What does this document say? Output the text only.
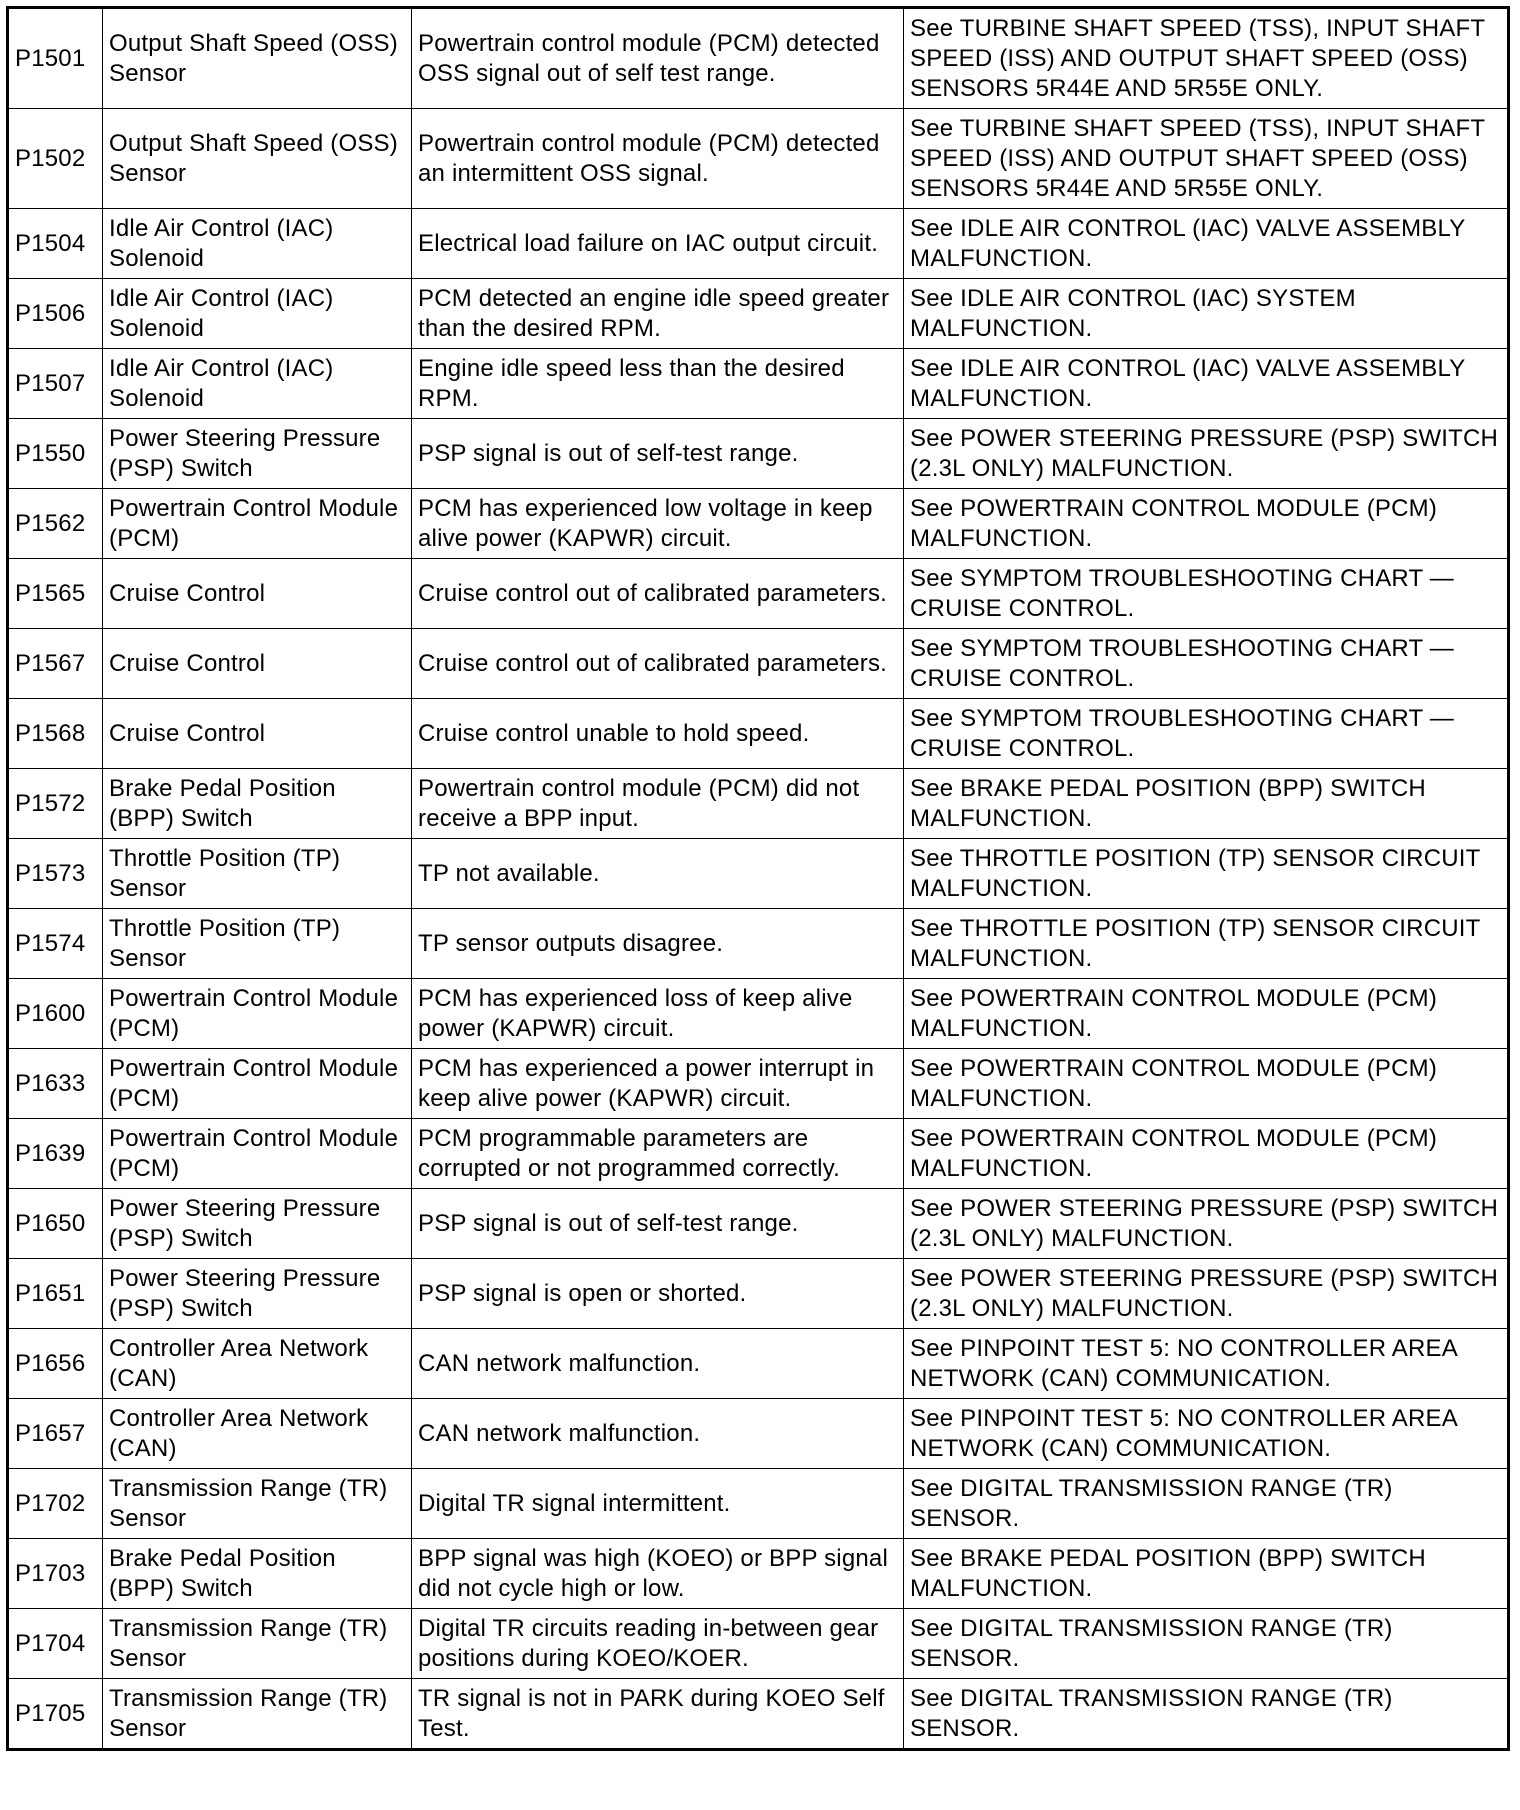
P1501	Output Shaft Speed (OSS) Sensor	Powertrain control module (PCM) detected OSS signal out of self test range.	See TURBINE SHAFT SPEED (TSS), INPUT SHAFT SPEED (ISS) AND OUTPUT SHAFT SPEED (OSS) SENSORS 5R44E AND 5R55E ONLY.
P1502	Output Shaft Speed (OSS) Sensor	Powertrain control module (PCM) detected an intermittent OSS signal.	See TURBINE SHAFT SPEED (TSS), INPUT SHAFT SPEED (ISS) AND OUTPUT SHAFT SPEED (OSS) SENSORS 5R44E AND 5R55E ONLY.
P1504	Idle Air Control (IAC) Solenoid	Electrical load failure on IAC output circuit.	See IDLE AIR CONTROL (IAC) VALVE ASSEMBLY MALFUNCTION.
P1506	Idle Air Control (IAC) Solenoid	PCM detected an engine idle speed greater than the desired RPM.	See IDLE AIR CONTROL (IAC) SYSTEM MALFUNCTION.
P1507	Idle Air Control (IAC) Solenoid	Engine idle speed less than the desired RPM.	See IDLE AIR CONTROL (IAC) VALVE ASSEMBLY MALFUNCTION.
P1550	Power Steering Pressure (PSP) Switch	PSP signal is out of self-test range.	See POWER STEERING PRESSURE (PSP) SWITCH (2.3L ONLY) MALFUNCTION.
P1562	Powertrain Control Module (PCM)	PCM has experienced low voltage in keep alive power (KAPWR) circuit.	See POWERTRAIN CONTROL MODULE (PCM) MALFUNCTION.
P1565	Cruise Control	Cruise control out of calibrated parameters.	See SYMPTOM TROUBLESHOOTING CHART — CRUISE CONTROL.
P1567	Cruise Control	Cruise control out of calibrated parameters.	See SYMPTOM TROUBLESHOOTING CHART — CRUISE CONTROL.
P1568	Cruise Control	Cruise control unable to hold speed.	See SYMPTOM TROUBLESHOOTING CHART — CRUISE CONTROL.
P1572	Brake Pedal Position (BPP) Switch	Powertrain control module (PCM) did not receive a BPP input.	See BRAKE PEDAL POSITION (BPP) SWITCH MALFUNCTION.
P1573	Throttle Position (TP) Sensor	TP not available.	See THROTTLE POSITION (TP) SENSOR CIRCUIT MALFUNCTION.
P1574	Throttle Position (TP) Sensor	TP sensor outputs disagree.	See THROTTLE POSITION (TP) SENSOR CIRCUIT MALFUNCTION.
P1600	Powertrain Control Module (PCM)	PCM has experienced loss of keep alive power (KAPWR) circuit.	See POWERTRAIN CONTROL MODULE (PCM) MALFUNCTION.
P1633	Powertrain Control Module (PCM)	PCM has experienced a power interrupt in keep alive power (KAPWR) circuit.	See POWERTRAIN CONTROL MODULE (PCM) MALFUNCTION.
P1639	Powertrain Control Module (PCM)	PCM programmable parameters are corrupted or not programmed correctly.	See POWERTRAIN CONTROL MODULE (PCM) MALFUNCTION.
P1650	Power Steering Pressure (PSP) Switch	PSP signal is out of self-test range.	See POWER STEERING PRESSURE (PSP) SWITCH (2.3L ONLY) MALFUNCTION.
P1651	Power Steering Pressure (PSP) Switch	PSP signal is open or shorted.	See POWER STEERING PRESSURE (PSP) SWITCH (2.3L ONLY) MALFUNCTION.
P1656	Controller Area Network (CAN)	CAN network malfunction.	See PINPOINT TEST 5: NO CONTROLLER AREA NETWORK (CAN) COMMUNICATION.
P1657	Controller Area Network (CAN)	CAN network malfunction.	See PINPOINT TEST 5: NO CONTROLLER AREA NETWORK (CAN) COMMUNICATION.
P1702	Transmission Range (TR) Sensor	Digital TR signal intermittent.	See DIGITAL TRANSMISSION RANGE (TR) SENSOR.
P1703	Brake Pedal Position (BPP) Switch	BPP signal was high (KOEO) or BPP signal did not cycle high or low.	See BRAKE PEDAL POSITION (BPP) SWITCH MALFUNCTION.
P1704	Transmission Range (TR) Sensor	Digital TR circuits reading in-between gear positions during KOEO/KOER.	See DIGITAL TRANSMISSION RANGE (TR) SENSOR.
P1705	Transmission Range (TR) Sensor	TR signal is not in PARK during KOEO Self Test.	See DIGITAL TRANSMISSION RANGE (TR) SENSOR.
